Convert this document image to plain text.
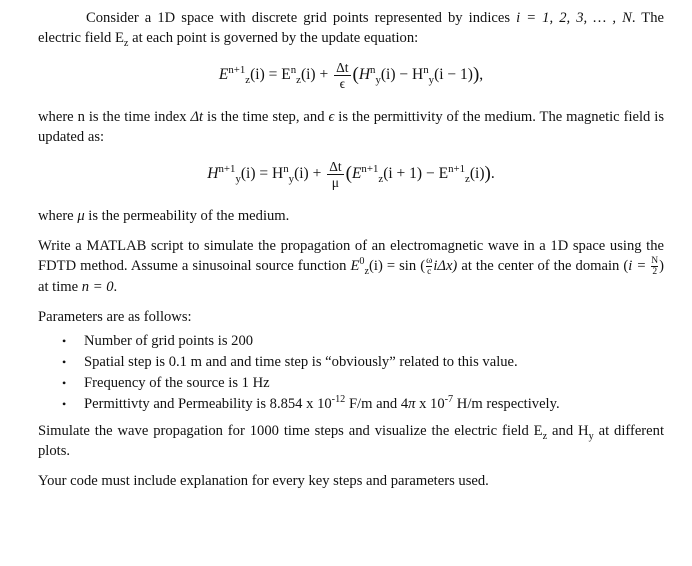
Consider a 1D space with discrete grid points represented by indices i = 1, 2, 3, … , N. The electric field $E_z$ at each point is governed by the update equation:

$E^{n+1}_z(i) = E^n_z(i) + \frac{\Delta t}{\epsilon} (H^n_y(i) - H^n_y(i - 1))$,

where n is the time index Δt is the time step, and ϵ is the permittivity of the medium. The magnetic field is updated as:

$H^{n+1}_y(i) = H^n_y(i) + \frac{\Delta t}{\mu} (E^{n+1}_z(i + 1) - E^{n+1}_z(i))$.

where μ is the permeability of the medium.

Write a MATLAB script to simulate the propagation of an electromagnetic wave in a 1D space using the FDTD method. Assume a sinusoinal source function $E^0_z(i) = \sin$ ( $\frac{\omega}{c} i\Delta x$) at the center of the domain ($i = \frac{N}{2}$ ) at time n = 0.

Parameters are as follows:

• Number of grid points is 200
• Spatial step is 0.1 m and and time step is “obviously” related to this value.
• Frequency of the source is 1 Hz
• Permittivty and Permeability is 8.854 x $10^{-12}$ F/m and 4π x $10^{-7}$ H/m respectively.

Simulate the wave propagation for 1000 time steps and visualize the electric field $E_z$ and $H_y$ at different plots.

Your code must include explanation for every key steps and parameters used.
